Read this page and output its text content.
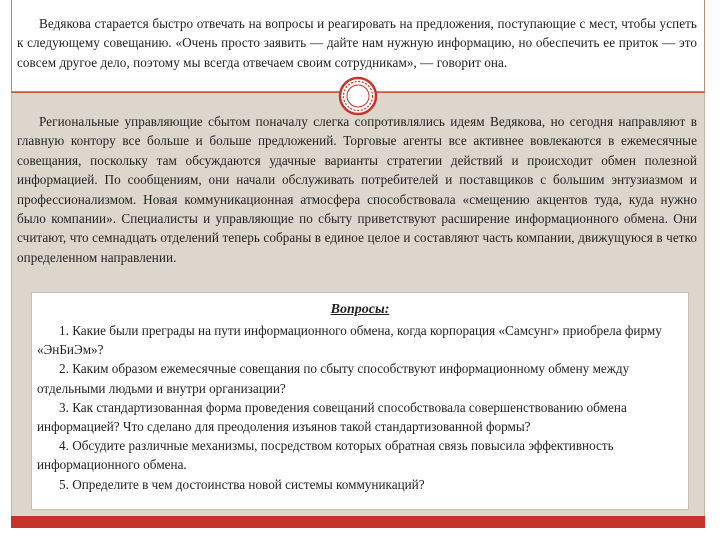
Ведякова старается быстро отвечать на вопросы и реагировать на предложения, поступающие с мест, чтобы успеть к следующему совещанию. «Очень просто заявить — дайте нам нужную информацию, но обеспечить ее приток — это совсем другое дело, поэтому мы всегда отвечаем своим сотрудникам», — говорит она.

Региональные управляющие сбытом поначалу слегка сопротивлялись идеям Ведякова, но сегодня направляют в главную контору все больше и больше предложений. Торговые агенты все активнее вовлекаются в ежемесячные совещания, поскольку там обсуждаются удачные варианты стратегии действий и происходит обмен полезной информацией. По сообщениям, они начали обслуживать потребителей и поставщиков с большим энтузиазмом и профессионализмом. Новая коммуникационная атмосфера способствовала «смещению акцентов туда, куда нужно было компании». Специалисты и управляющие по сбыту приветствуют расширение информационного обмена. Они считают, что семнадцать отделений теперь собраны в единое целое и составляют часть компании, движущуюся в четко определенном направлении.

Вопросы:

1. Какие были преграды на пути информационного обмена, когда корпорация «Самсунг» приобрела фирму «ЭнБиЭм»?

2. Каким образом ежемесячные совещания по сбыту способствуют информационному обмену между отдельными людьми и внутри организации?

3. Как стандартизованная форма проведения совещаний способствовала совершенствованию обмена информацией? Что сделано для преодоления изъянов такой стандартизованной формы?

4. Обсудите различные механизмы, посредством которых обратная связь повысила эффективность информационного обмена.

5. Определите в чем достоинства новой системы коммуникаций?
